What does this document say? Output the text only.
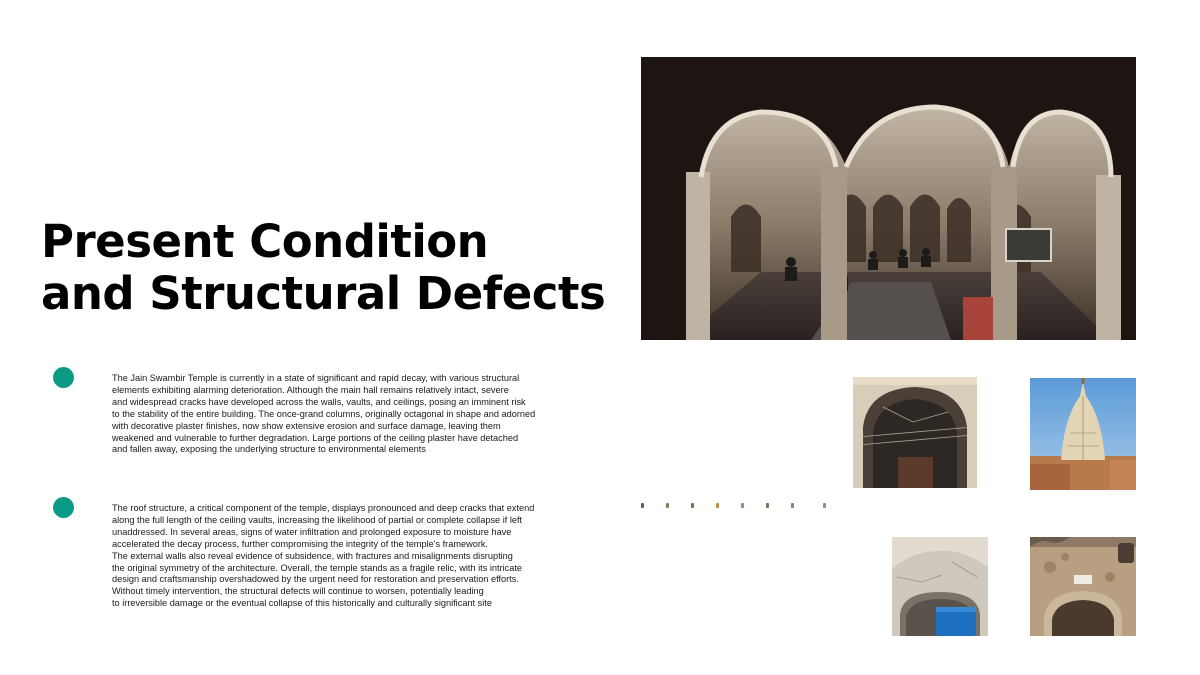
Present Condition
and Structural Defects
The Jain Swambir Temple is currently in a state of significant and rapid decay, with various structural
elements exhibiting alarming deterioration. Although the main hall remains relatively intact, severe
and widespread cracks have developed across the walls, vaults, and ceilings, posing an imminent risk
to the stability of the entire building. The once-grand columns, originally octagonal in shape and adorned
with decorative plaster finishes, now show extensive erosion and surface damage, leaving them
weakened and vulnerable to further degradation. Large portions of the ceiling plaster have detached
and fallen away, exposing the underlying structure to environmental elements
The roof structure, a critical component of the temple, displays pronounced and deep cracks that extend
along the full length of the ceiling vaults, increasing the likelihood of partial or complete collapse if left
unaddressed. In several areas, signs of water infiltration and prolonged exposure to moisture have
accelerated the decay process, further compromising the integrity of the temple's framework.
The external walls also reveal evidence of subsidence, with fractures and misalignments disrupting
the original symmetry of the architecture. Overall, the temple stands as a fragile relic, with its intricate
design and craftsmanship overshadowed by the urgent need for restoration and preservation efforts.
Without timely intervention, the structural defects will continue to worsen, potentially leading
to irreversible damage or the eventual collapse of this historically and culturally significant site
